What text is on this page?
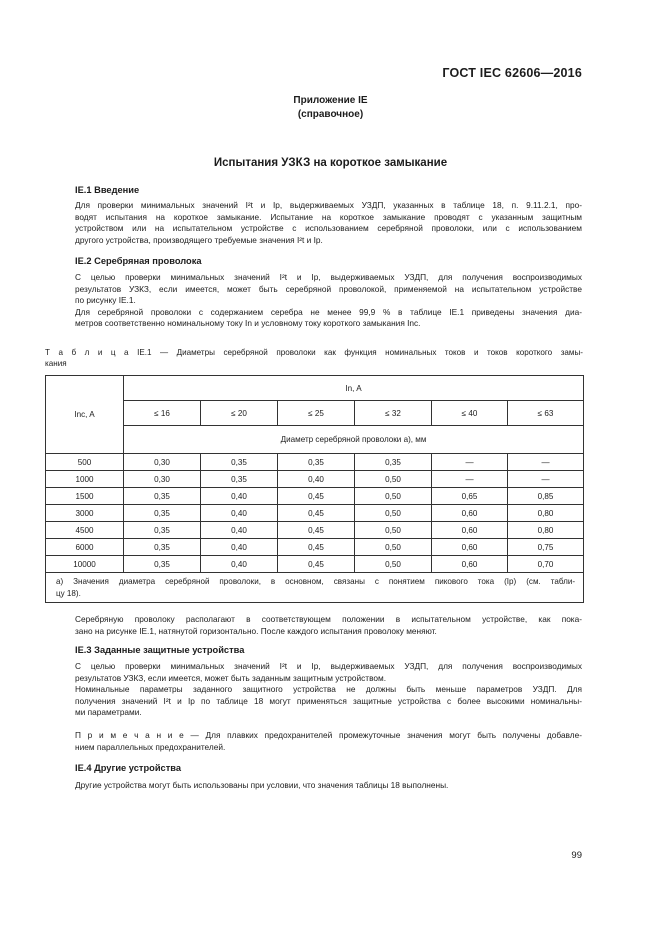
ГОСТ IEC 62606—2016
Приложение IE
(справочное)
Испытания УЗКЗ на короткое замыкание
IE.1 Введение
Для проверки минимальных значений I²t и Ip, выдерживаемых УЗДП, указанных в таблице 18, п. 9.11.2.1, про-
водят испытания на короткое замыкание. Испытание на короткое замыкание проводят с указанным защитным
устройством или на испытательном устройстве с использованием серебряной проволоки, или с использованием
другого устройства, производящего требуемые значения I²t и Ip.
IE.2 Серебряная проволока
С целью проверки минимальных значений I²t и Ip, выдерживаемых УЗДП, для получения воспроизводимых
результатов УЗКЗ, если имеется, может быть серебряной проволокой, применяемой на испытательном устройстве
по рисунку IE.1.
Для серебряной проволоки с содержанием серебра не менее 99,9 % в таблице IE.1 приведены значения диа-
метров соответственно номинальному току In и условному току короткого замыкания Inc.
Т а б л и ц а IE.1 — Диаметры серебряной проволоки как функция номинальных токов и токов короткого замы-
кания
Inc, A	In, A					
	≤ 16	≤ 20	≤ 25	≤ 32	≤ 40	≤ 63
	Диаметр серебряной проволоки a), мм					
500	0,30	0,35	0,35	0,35	—	—
1000	0,30	0,35	0,40	0,50	—	—
1500	0,35	0,40	0,45	0,50	0,65	0,85
3000	0,35	0,40	0,45	0,50	0,60	0,80
4500	0,35	0,40	0,45	0,50	0,60	0,80
6000	0,35	0,40	0,45	0,50	0,60	0,75
10000	0,35	0,40	0,45	0,50	0,60	0,70

a) Значения диаметра серебряной проволоки, в основном, связаны с понятием пикового тока (Ip) (см. табли-
цу 18).						
Серебряную проволоку располагают в соответствующем положении в испытательном устройстве, как пока-
зано на рисунке IE.1, натянутой горизонтально. После каждого испытания проволоку меняют.
IE.3 Заданные защитные устройства
С целью проверки минимальных значений I²t и Ip, выдерживаемых УЗДП, для получения воспроизводимых
результатов УЗКЗ, если имеется, может быть заданным защитным устройством.
Номинальные параметры заданного защитного устройства не должны быть меньше параметров УЗДП. Для
получения значений I²t и Ip по таблице 18 могут применяться защитные устройства с более высокими номинальны-
ми параметрами.
П р и м е ч а н и е — Для плавких предохранителей промежуточные значения могут быть получены добавле-
нием параллельных предохранителей.
IE.4 Другие устройства
Другие устройства могут быть использованы при условии, что значения таблицы 18 выполнены.
99
